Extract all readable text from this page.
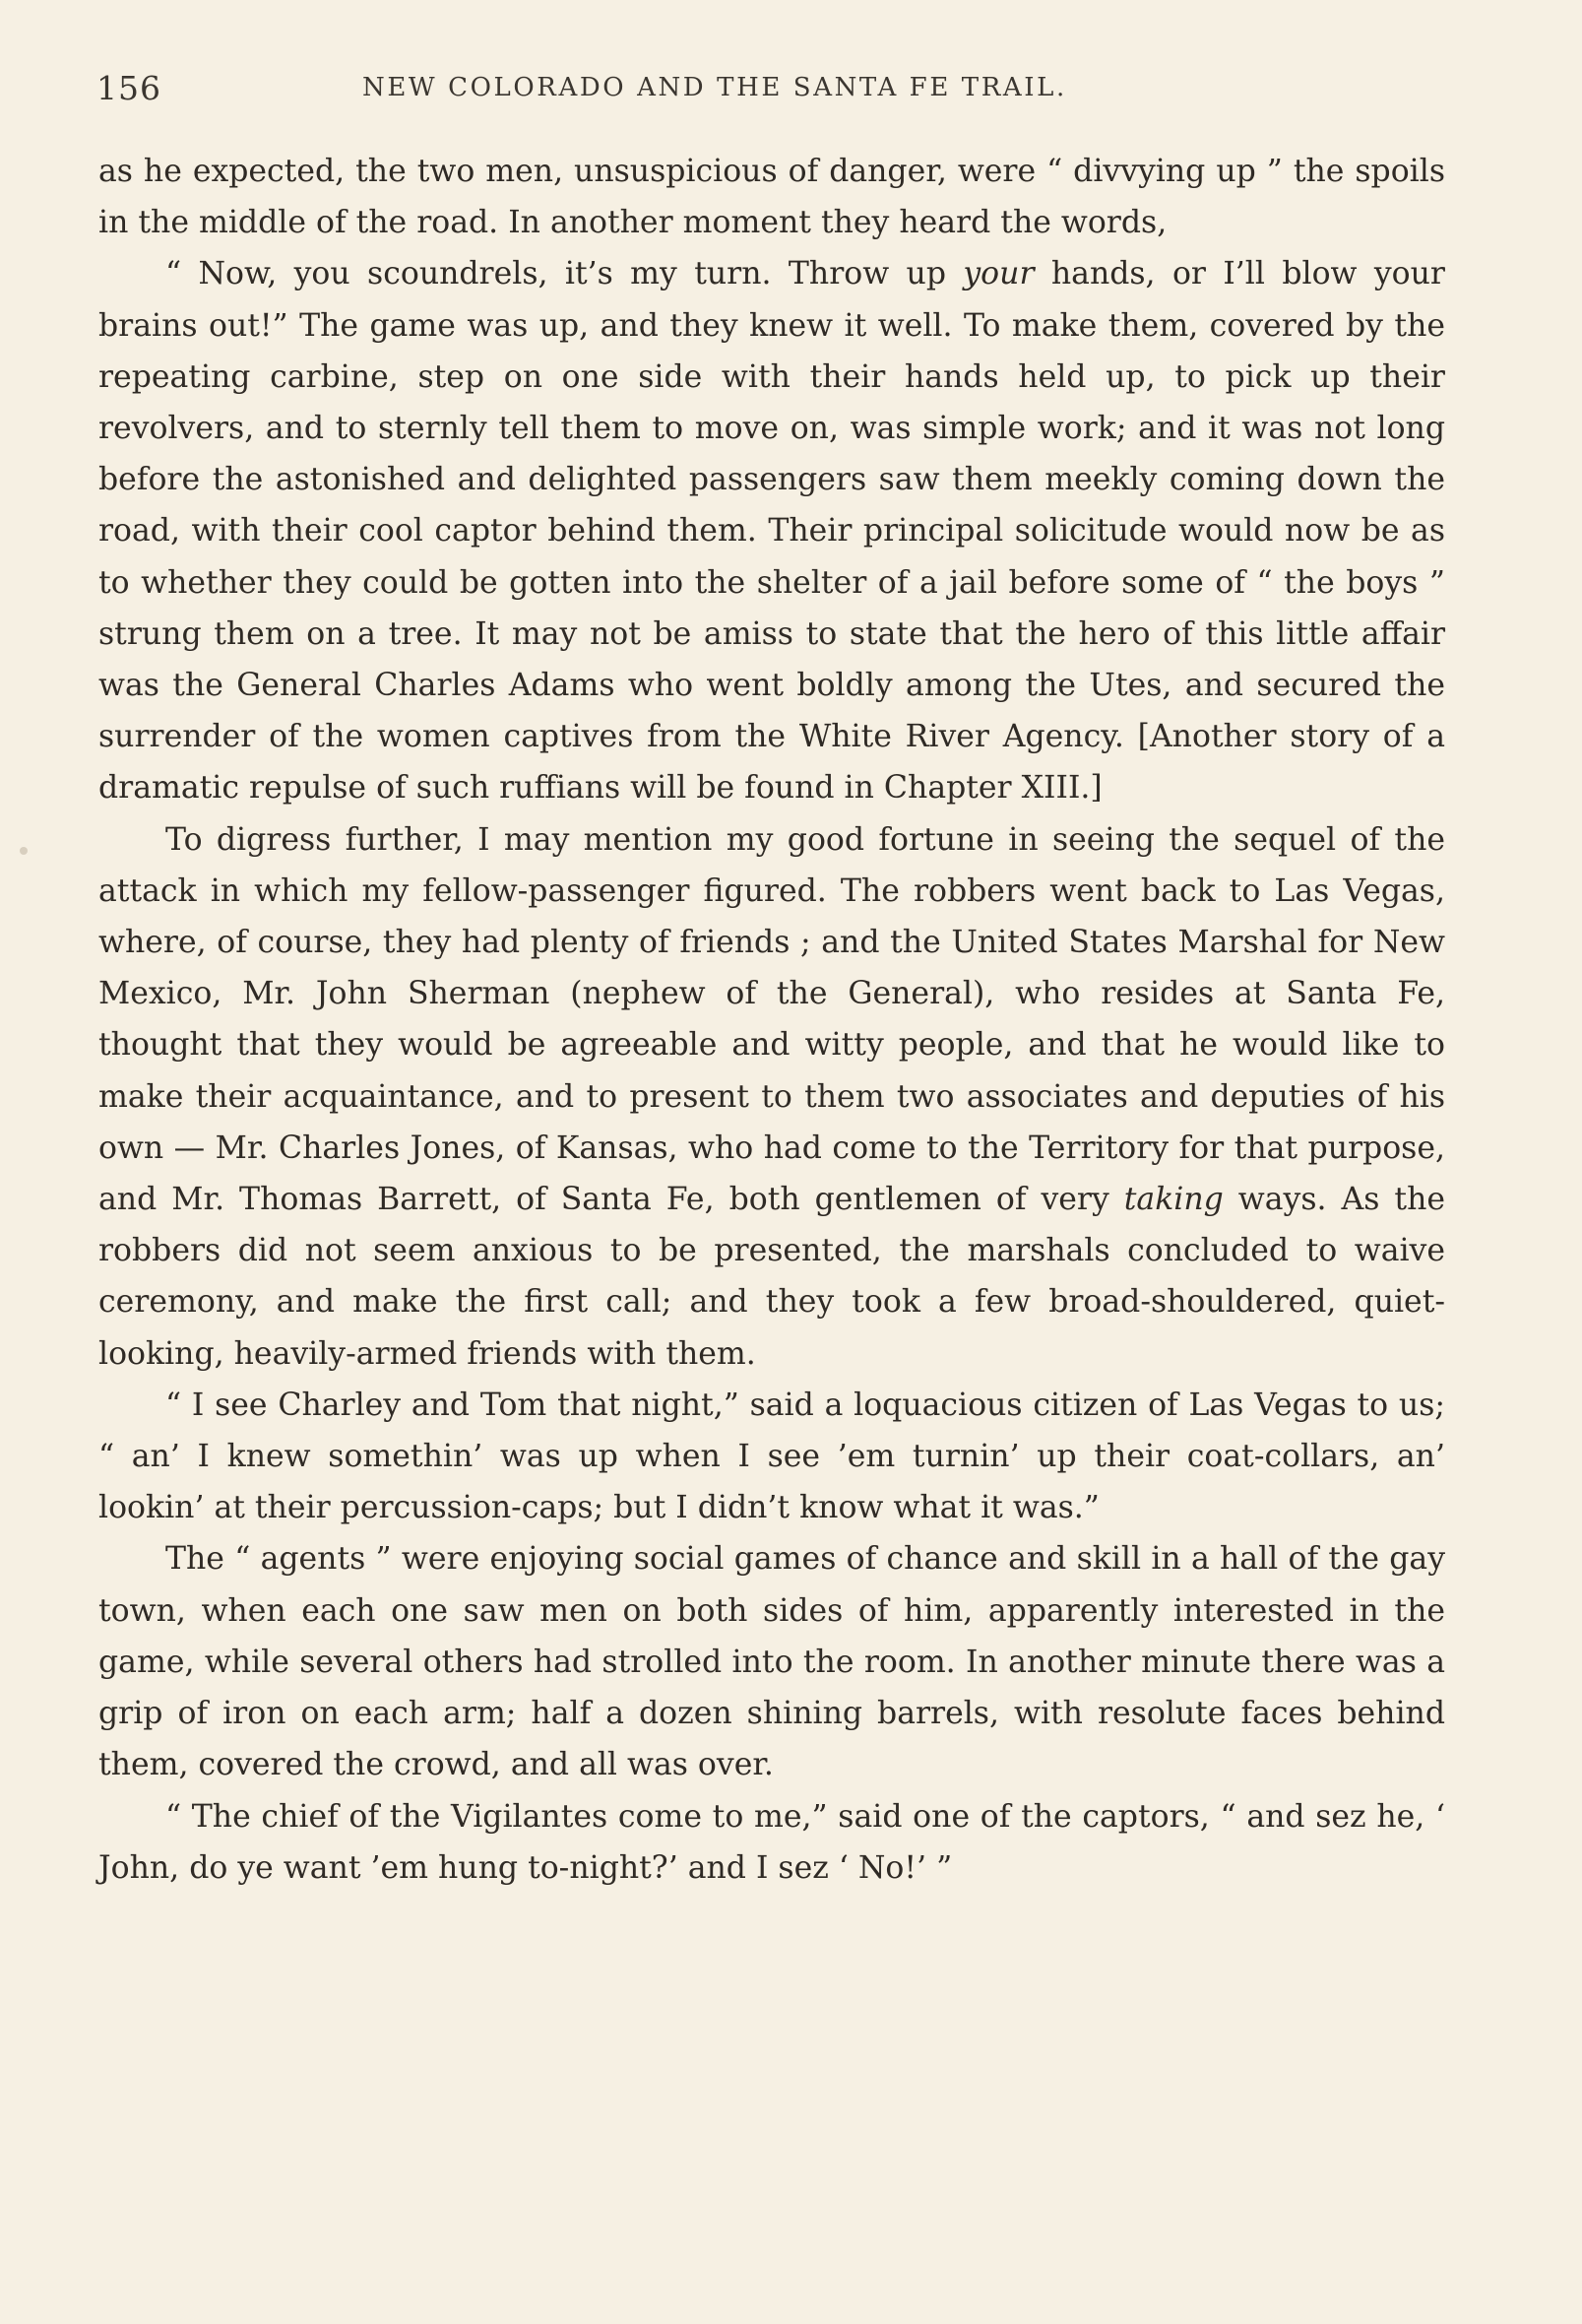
156	NEW COLORADO AND THE SANTA FE TRAIL.

as he expected, the two men, unsuspicious of danger, were “ divvying up ” the spoils in the middle of the road. In another moment they heard the words,

“ Now, you scoundrels, it’s my turn. Throw up your hands, or I’ll blow your brains out!” The game was up, and they knew it well. To make them, covered by the repeating carbine, step on one side with their hands held up, to pick up their revolvers, and to sternly tell them to move on, was simple work; and it was not long before the astonished and delighted passengers saw them meekly coming down the road, with their cool captor behind them. Their principal solicitude would now be as to whether they could be gotten into the shelter of a jail before some of “ the boys ” strung them on a tree. It may not be amiss to state that the hero of this little affair was the General Charles Adams who went boldly among the Utes, and secured the surrender of the women captives from the White River Agency. [Another story of a dramatic repulse of such ruffians will be found in Chapter XIII.]

To digress further, I may mention my good fortune in seeing the sequel of the attack in which my fellow-passenger figured. The robbers went back to Las Vegas, where, of course, they had plenty of friends ; and the United States Marshal for New Mexico, Mr. John Sherman (nephew of the General), who resides at Santa Fe, thought that they would be agreeable and witty people, and that he would like to make their acquaintance, and to present to them two associates and deputies of his own — Mr. Charles Jones, of Kansas, who had come to the Territory for that purpose, and Mr. Thomas Barrett, of Santa Fe, both gentlemen of very taking ways. As the robbers did not seem anxious to be presented, the marshals concluded to waive ceremony, and make the first call; and they took a few broad-shouldered, quiet-looking, heavily-armed friends with them.

“ I see Charley and Tom that night,” said a loquacious citizen of Las Vegas to us; “ an’ I knew somethin’ was up when I see ’em turnin’ up their coat-collars, an’ lookin’ at their percussion-caps; but I didn’t know what it was.”

The “ agents ” were enjoying social games of chance and skill in a hall of the gay town, when each one saw men on both sides of him, apparently interested in the game, while several others had strolled into the room. In another minute there was a grip of iron on each arm; half a dozen shining barrels, with resolute faces behind them, covered the crowd, and all was over.

“ The chief of the Vigilantes come to me,” said one of the captors, “ and sez he, ‘ John, do ye want ’em hung to-night?’ and I sez ‘ No!’ ”
